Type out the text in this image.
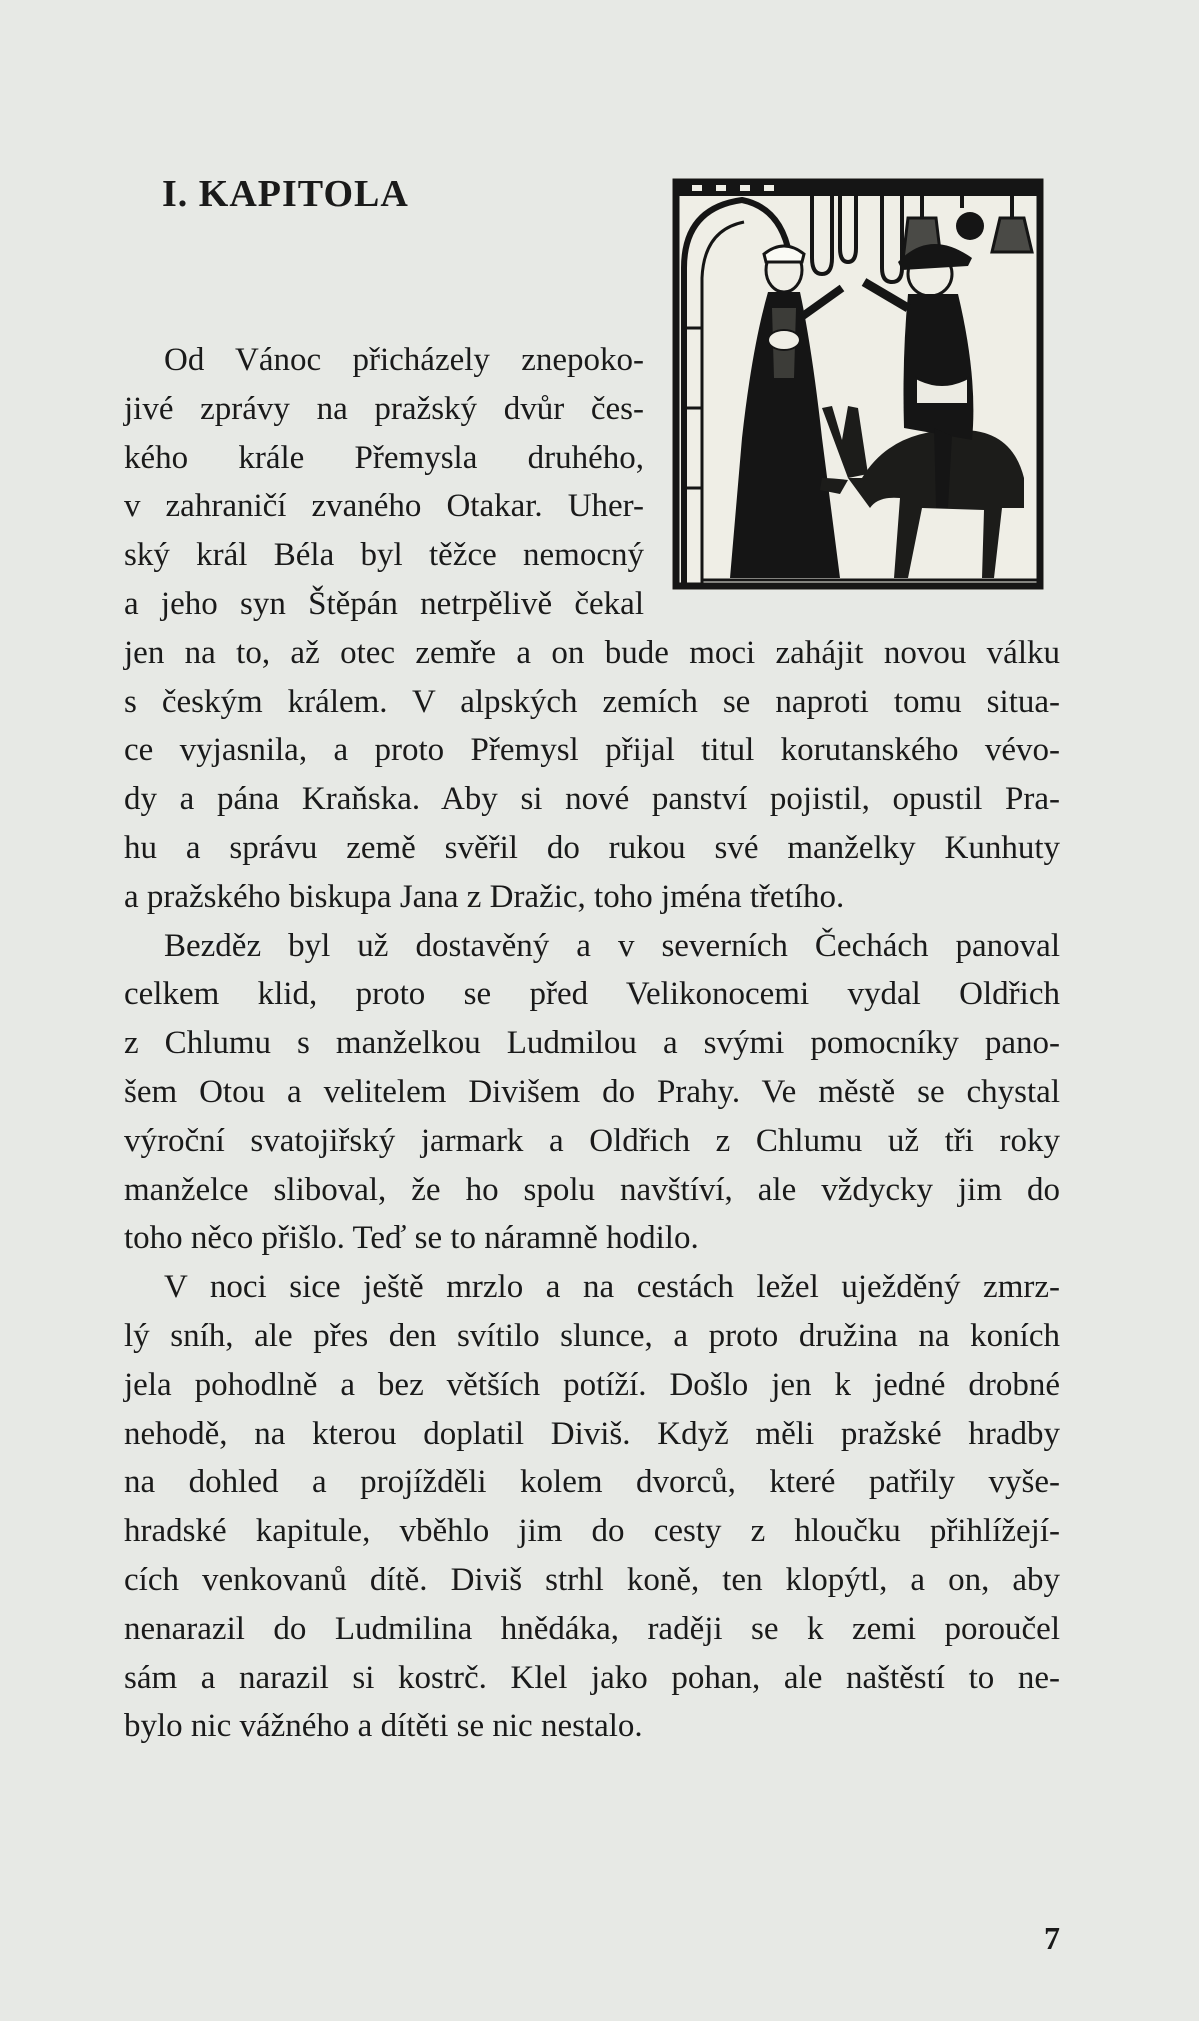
I. KAPITOLA
Od Vánoc přicházely znepoko-
jivé zprávy na pražský dvůr čes-
kého krále Přemysla druhého,
v zahraničí zvaného Otakar. Uher-
ský král Béla byl těžce nemocný
a jeho syn Štěpán netrpělivě čekal
jen na to, až otec zemře a on bude moci zahájit novou válku
s českým králem. V alpských zemích se naproti tomu situa-
ce vyjasnila, a proto Přemysl přijal titul korutanského vévo-
dy a pána Kraňska. Aby si nové panství pojistil, opustil Pra-
hu a správu země svěřil do rukou své manželky Kunhuty
a pražského biskupa Jana z Dražic, toho jména třetího.
Bezděz byl už dostavěný a v severních Čechách panoval
celkem klid, proto se před Velikonocemi vydal Oldřich
z Chlumu s manželkou Ludmilou a svými pomocníky pano-
šem Otou a velitelem Divišem do Prahy. Ve městě se chystal
výroční svatojiřský jarmark a Oldřich z Chlumu už tři roky
manželce sliboval, že ho spolu navštíví, ale vždycky jim do
toho něco přišlo. Teď se to náramně hodilo.
V noci sice ještě mrzlo a na cestách ležel uježděný zmrz-
lý sníh, ale přes den svítilo slunce, a proto družina na koních
jela pohodlně a bez větších potíží. Došlo jen k jedné drobné
nehodě, na kterou doplatil Diviš. Když měli pražské hradby
na dohled a projížděli kolem dvorců, které patřily vyše-
hradské kapitule, vběhlo jim do cesty z hloučku přihlížejí-
cích venkovanů dítě. Diviš strhl koně, ten klopýtl, a on, aby
nenarazil do Ludmilina hnědáka, raději se k zemi poroučel
sám a narazil si kostrč. Klel jako pohan, ale naštěstí to ne-
bylo nic vážného a dítěti se nic nestalo.
7
